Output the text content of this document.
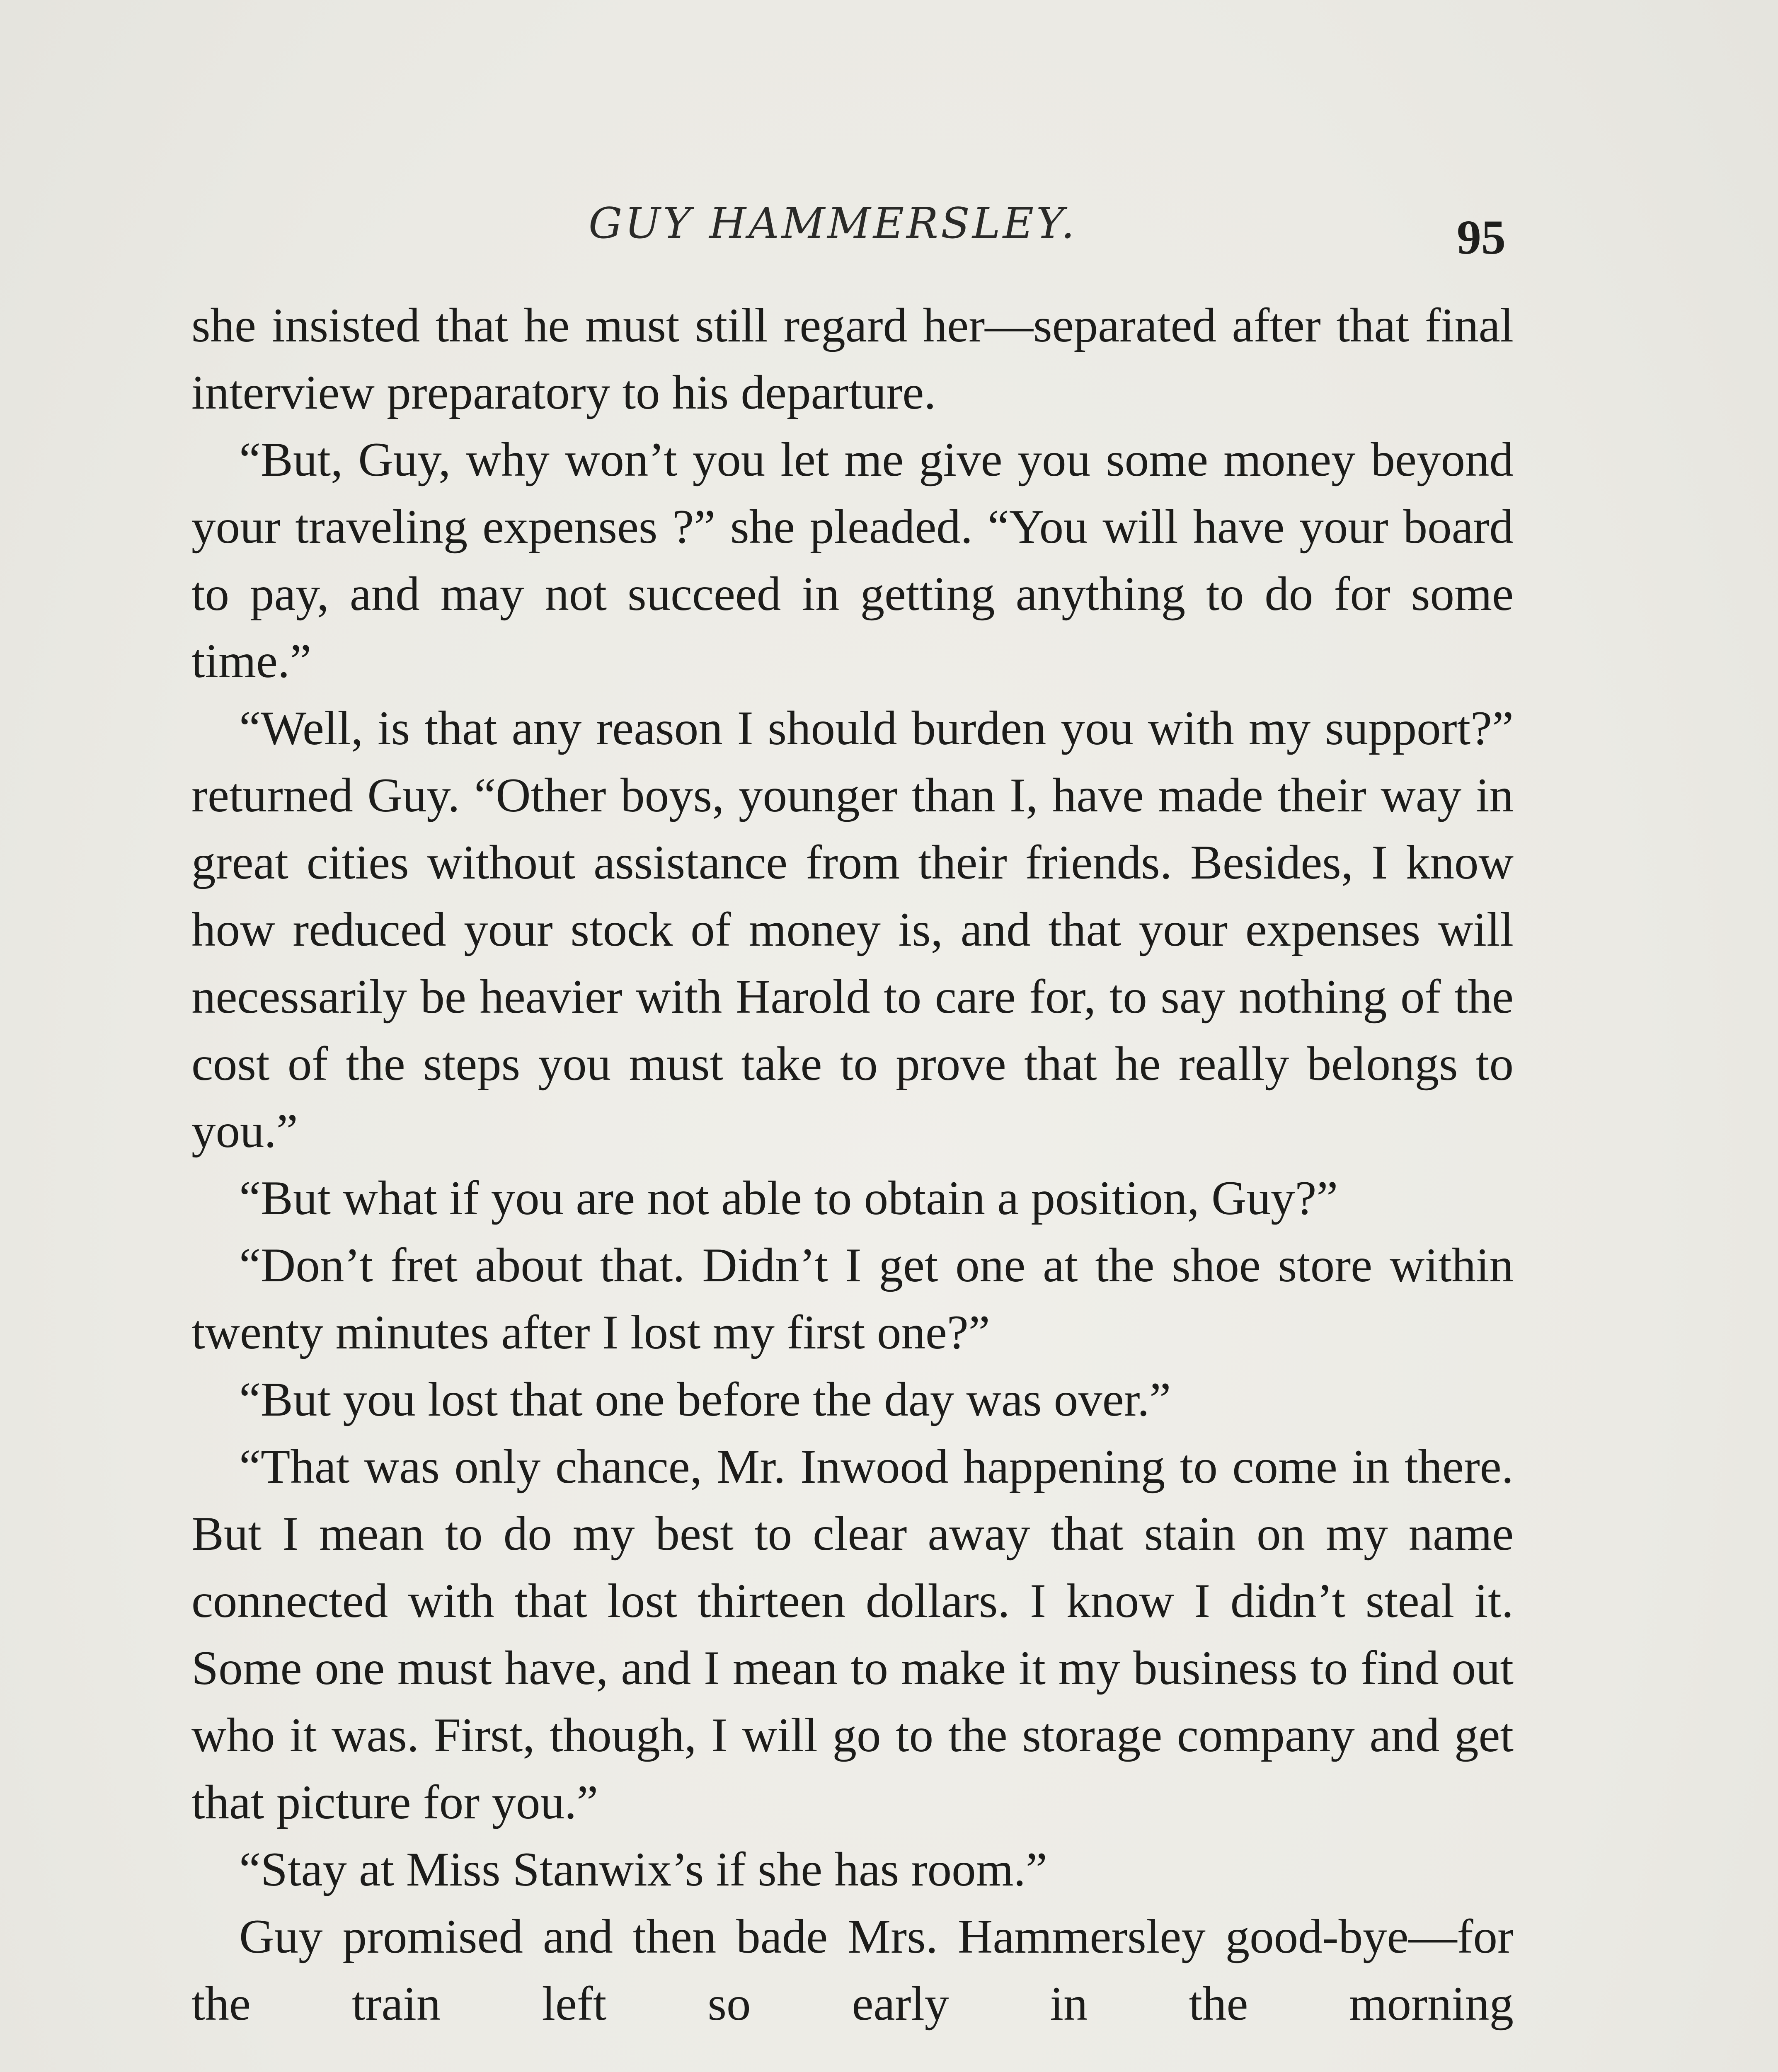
GUY HAMMERSLEY.	95

she insisted that he must still regard her—separated after that final interview preparatory to his departure.

“But, Guy, why won’t you let me give you some money beyond your traveling expenses ?” she pleaded. “You will have your board to pay, and may not succeed in getting anything to do for some time.”

“Well, is that any reason I should burden you with my support?” returned Guy. “Other boys, younger than I, have made their way in great cities without assistance from their friends. Besides, I know how reduced your stock of money is, and that your expenses will necessarily be heavier with Harold to care for, to say nothing of the cost of the steps you must take to prove that he really belongs to you.”

“But what if you are not able to obtain a position, Guy?”

“Don’t fret about that. Didn’t I get one at the shoe store within twenty minutes after I lost my first one?”

“But you lost that one before the day was over.”

“That was only chance, Mr. Inwood happening to come in there. But I mean to do my best to clear away that stain on my name connected with that lost thirteen dollars. I know I didn’t steal it. Some one must have, and I mean to make it my business to find out who it was. First, though, I will go to the storage company and get that picture for you.”

“Stay at Miss Stanwix’s if she has room.”

Guy promised and then bade Mrs. Hammersley good-bye—for the train left so early in the morning
